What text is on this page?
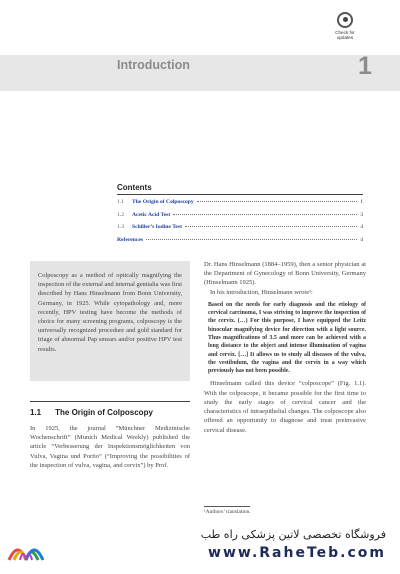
Check for
updates
Introduction	1
Contents
1.1	The Origin of Colposcopy	1
1.2	Acetic Acid Test	3
1.3	Schiller’s Iodine Test	4
References	4

Colposcopy as a method of optically magnifying the inspection of the external and internal genitalia was first described by Hans Hinselmann from Bonn University, Germany, in 1925. While cytopathology and, more recently, HPV testing have become the methods of choice for many screening programs, colposcopy is the universally recognized procedure and gold standard for triage of abnormal Pap smears and/or positive HPV test results.

1.1 The Origin of Colposcopy

In 1925, the journal “Münchner Medizinische Wochenschrift” (Munich Medical Weekly) published the article “Verbesserung der Inspektionsmöglichkeiten von Vulva, Vagina und Portio” (“Improving the possibilities of the inspection of vulva, vagina, and cervix”) by Prof.

Dr. Hans Hinselmann (1884–1959), then a senior physician at the Department of Gynecology of Bonn University, Germany (Hinselmann 1925).

In his introduction, Hinselmann wrote¹:

Based on the needs for early diagnosis and the etiology of cervical carcinoma, I was striving to improve the inspection of the cervix. (…) For this purpose, I have equipped the Leitz binocular magnifying device for direction with a light source. Thus magnifications of 3.5 and more can be achieved with a long distance to the object and intense illumination of vagina and cervix. […] It allows us to study all diseases of the vulva, the vestibulum, the vagina and the cervix in a way which previously has not been possible.

Hinselmann called this device “colposcope” (Fig. 1.1). With the colposcope, it became possible for the first time to study the early stages of cervical cancer and the characteristics of intraepithelial changes. The colposcope also offered an opportunity to diagnose and treat preinvasive cervical disease.

¹Authors’ translation.
فروشگاه تخصصی لاتین پزشکی راه طب
www.RaheTeb.com
